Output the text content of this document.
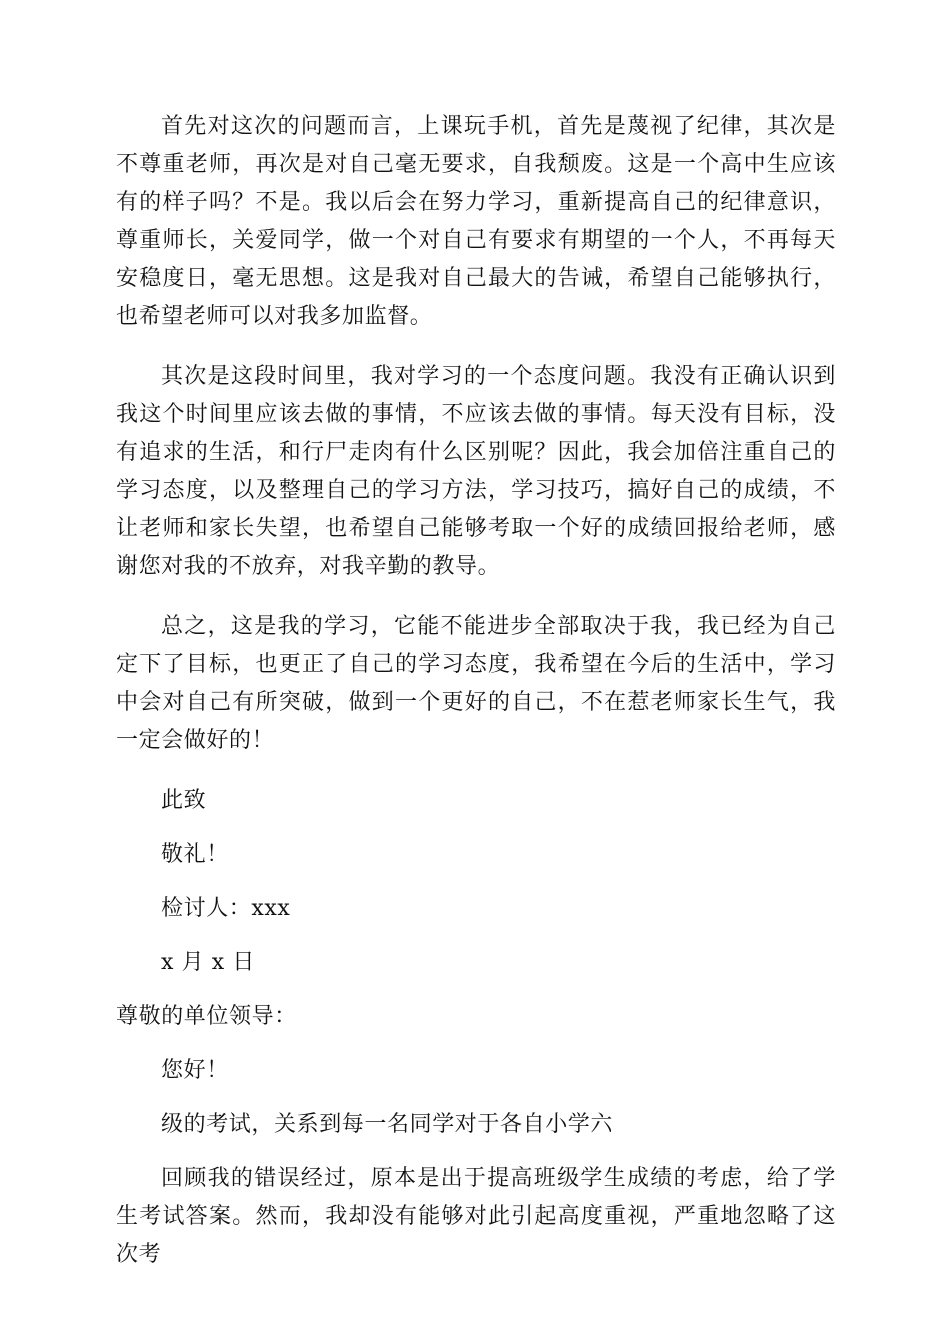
首先对这次的问题而言，上课玩手机，首先是蔑视了纪律，其次是不尊重老师，再次是对自己毫无要求，自我颓废。这是一个高中生应该有的样子吗？不是。我以后会在努力学习，重新提高自己的纪律意识，尊重师长，关爱同学，做一个对自己有要求有期望的一个人，不再每天安稳度日，毫无思想。这是我对自己最大的告诫，希望自己能够执行，也希望老师可以对我多加监督。

其次是这段时间里，我对学习的一个态度问题。我没有正确认识到我这个时间里应该去做的事情，不应该去做的事情。每天没有目标，没有追求的生活，和行尸走肉有什么区别呢？因此，我会加倍注重自己的学习态度，以及整理自己的学习方法，学习技巧，搞好自己的成绩，不让老师和家长失望，也希望自己能够考取一个好的成绩回报给老师，感谢您对我的不放弃，对我辛勤的教导。

总之，这是我的学习，它能不能进步全部取决于我，我已经为自己定下了目标，也更正了自己的学习态度，我希望在今后的生活中，学习中会对自己有所突破，做到一个更好的自己，不在惹老师家长生气，我一定会做好的！

此致

敬礼！

检讨人：xxx

x 月 x 日

尊敬的单位领导：

您好！

级的考试，关系到每一名同学对于各自小学六

回顾我的错误经过，原本是出于提高班级学生成绩的考虑，给了学生考试答案。然而，我却没有能够对此引起高度重视，严重地忽略了这次考
